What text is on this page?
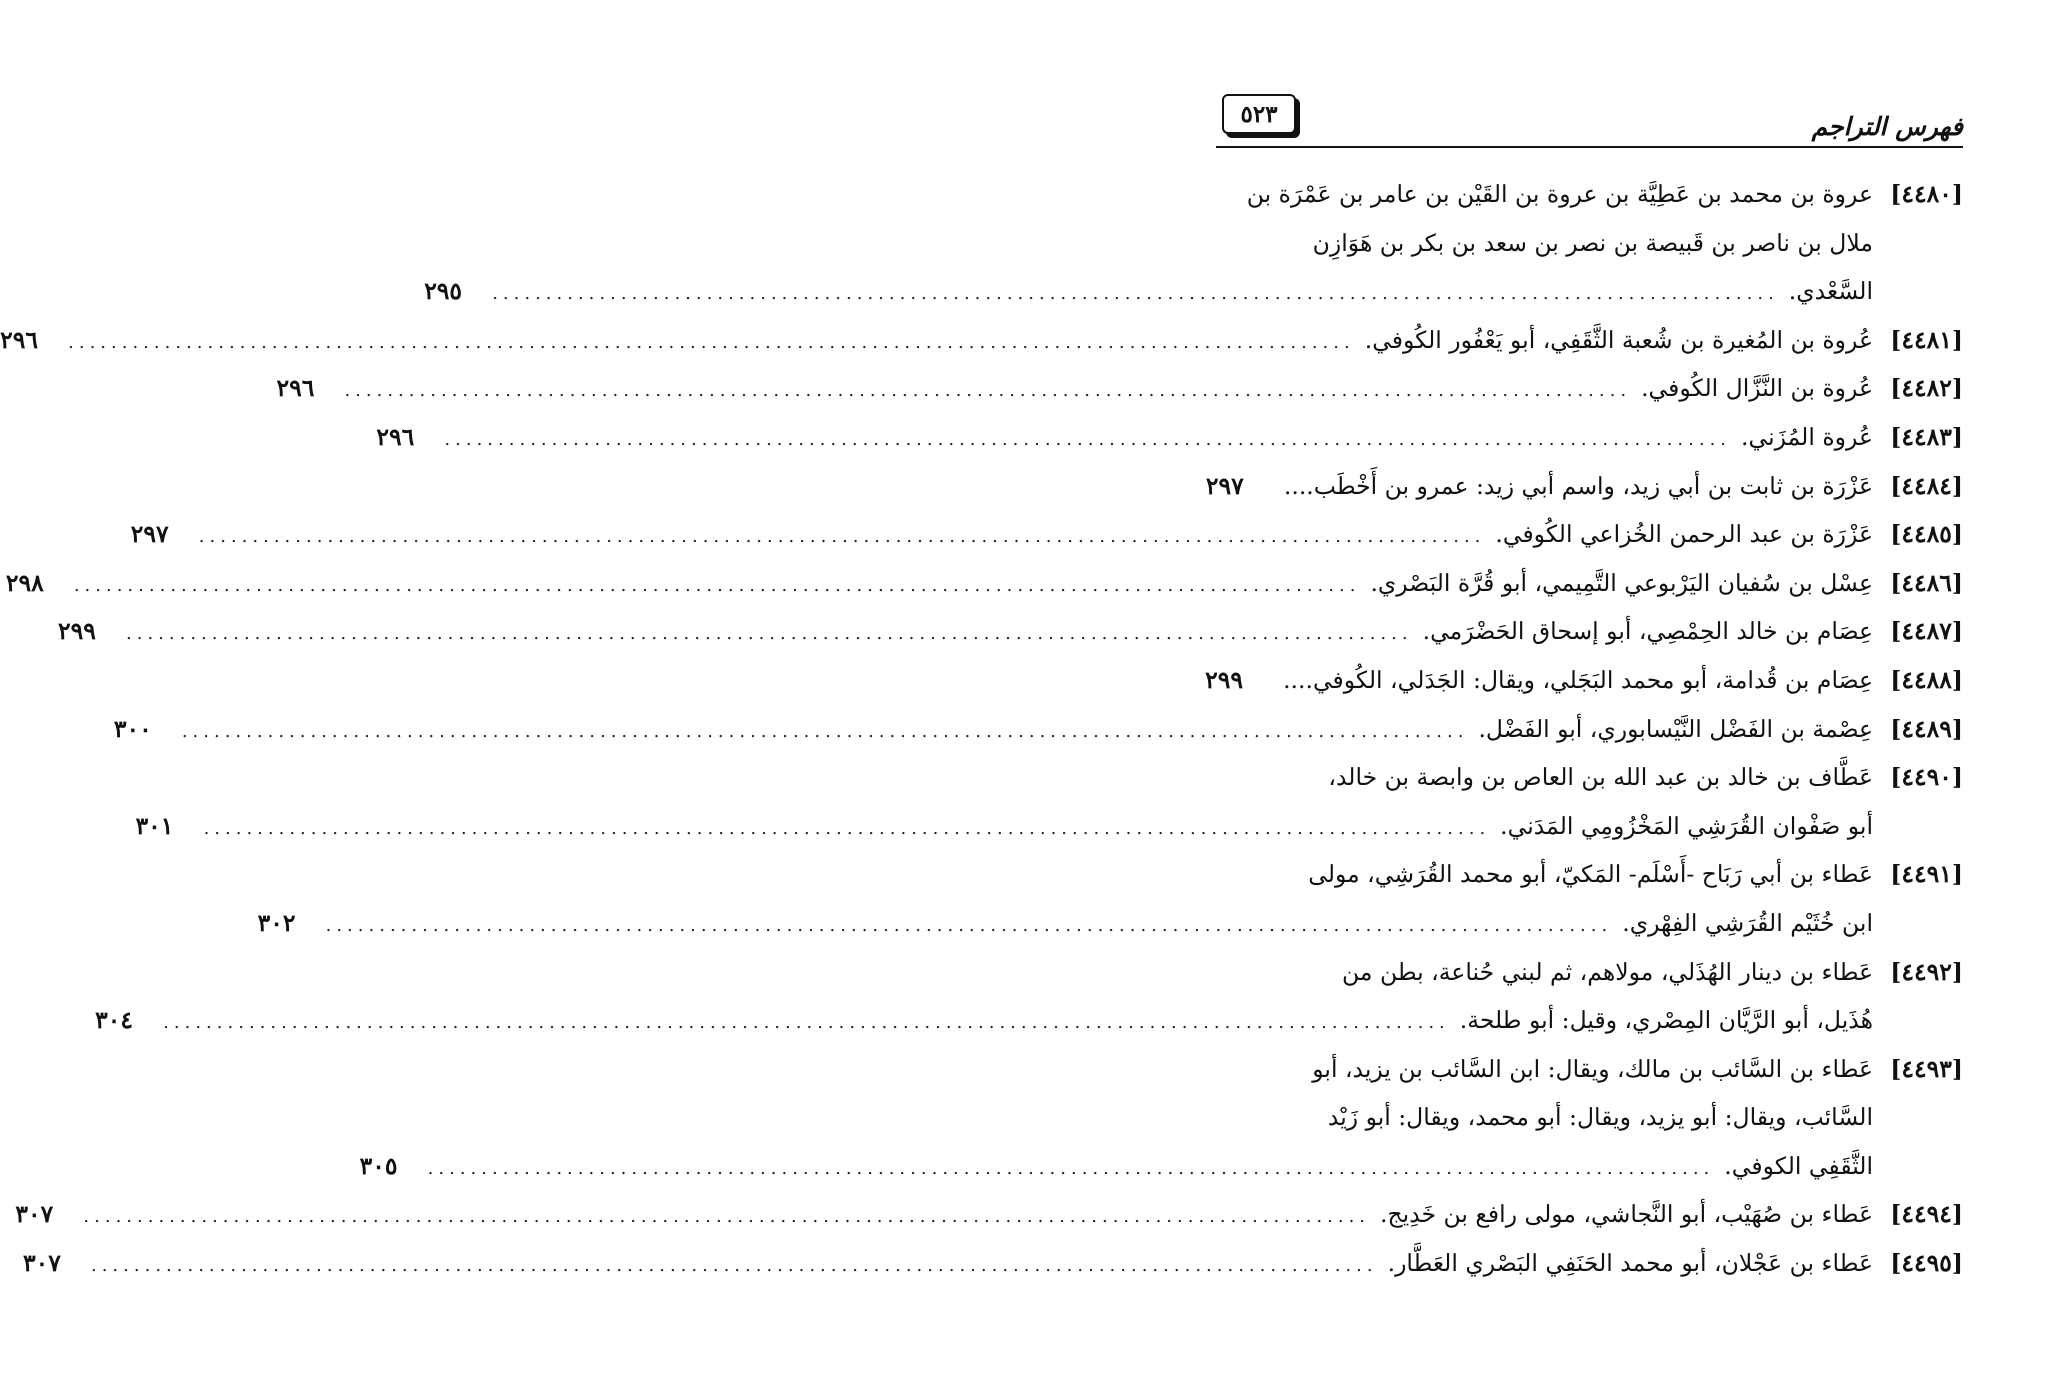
فهرس التراجم
٥٢٣
[٤٤٨٠]
عروة بن محمد بن عَطِيَّة بن عروة بن القَيْن بن عامر بن عَمْرَة بن
ملال بن ناصر بن قَبيصة بن نصر بن سعد بن بكر بن هَوَازِن
السَّعْدي.
........................................................................................................................
٢٩٥
[٤٤٨١]
عُروة بن المُغيرة بن شُعبة الثَّقَفِي، أبو يَعْفُور الكُوفي.
........................................................................................................................
٢٩٦
[٤٤٨٢]
عُروة بن النَّزَّال الكُوفي.
........................................................................................................................
٢٩٦
[٤٤٨٣]
عُروة المُزَني.
........................................................................................................................
٢٩٦
[٤٤٨٤]
عَزْرَة بن ثابت بن أبي زيد، واسم أبي زيد: عمرو بن أَخْطَب....
٢٩٧
[٤٤٨٥]
عَزْرَة بن عبد الرحمن الخُزاعي الكُوفي.
........................................................................................................................
٢٩٧
[٤٤٨٦]
عِسْل بن سُفيان اليَرْبوعي التَّمِيمي، أبو قُرَّة البَصْري.
........................................................................................................................
٢٩٨
[٤٤٨٧]
عِصَام بن خالد الحِمْصِي، أبو إسحاق الحَضْرَمي.
........................................................................................................................
٢٩٩
[٤٤٨٨]
عِصَام بن قُدامة، أبو محمد البَجَلي، ويقال: الجَدَلي، الكُوفي....
٢٩٩
[٤٤٨٩]
عِصْمة بن الفَضْل النَّيْسابوري، أبو الفَضْل.
........................................................................................................................
٣٠٠
[٤٤٩٠]
عَطَّاف بن خالد بن عبد الله بن العاص بن وابصة بن خالد،
أبو صَفْوان القُرَشِي المَخْزُومِي المَدَني.
........................................................................................................................
٣٠١
[٤٤٩١]
عَطاء بن أبي رَبَاح -أَسْلَم- المَكيّ، أبو محمد القُرَشِي، مولى
ابن خُثَيْم القُرَشِي الفِهْري.
........................................................................................................................
٣٠٢
[٤٤٩٢]
عَطاء بن دينار الهُذَلي، مولاهم، ثم لبني حُناعة، بطن من
هُذَيل، أبو الرَّيَّان المِصْري، وقيل: أبو طلحة.
........................................................................................................................
٣٠٤
[٤٤٩٣]
عَطاء بن السَّائب بن مالك، ويقال: ابن السَّائب بن يزيد، أبو
السَّائب، ويقال: أبو يزيد، ويقال: أبو محمد، ويقال: أبو زَيْد
الثَّقَفِي الكوفي.
........................................................................................................................
٣٠٥
[٤٤٩٤]
عَطاء بن صُهَيْب، أبو النَّجاشي، مولى رافع بن خَدِيج.
........................................................................................................................
٣٠٧
[٤٤٩٥]
عَطاء بن عَجْلان، أبو محمد الحَنَفِي البَصْري العَطَّار.
........................................................................................................................
٣٠٧
